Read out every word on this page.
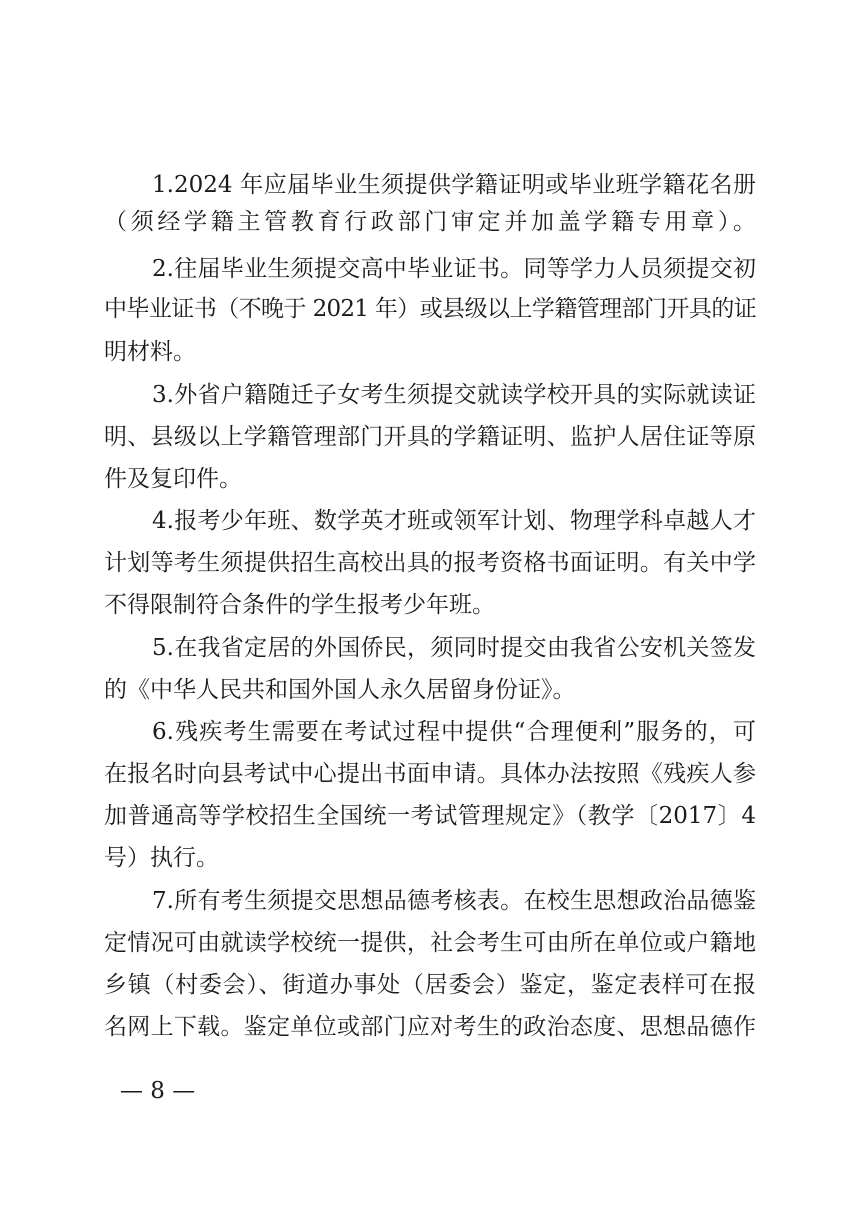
1.2024 年应届毕业生须提供学籍证明或毕业班学籍花名册
（须经学籍主管教育行政部门审定并加盖学籍专用章）。
2.往届毕业生须提交高中毕业证书。同等学力人员须提交初
中毕业证书（不晚于 2021 年）或县级以上学籍管理部门开具的证
明材料。
3.外省户籍随迁子女考生须提交就读学校开具的实际就读证
明、县级以上学籍管理部门开具的学籍证明、监护人居住证等原
件及复印件。
4.报考少年班、数学英才班或领军计划、物理学科卓越人才
计划等考生须提供招生高校出具的报考资格书面证明。有关中学
不得限制符合条件的学生报考少年班。
5.在我省定居的外国侨民，须同时提交由我省公安机关签发
的《中华人民共和国外国人永久居留身份证》。
6.残疾考生需要在考试过程中提供“合理便利”服务的，可
在报名时向县考试中心提出书面申请。具体办法按照《残疾人参
加普通高等学校招生全国统一考试管理规定》（教学〔2017〕4
号）执行。
7.所有考生须提交思想品德考核表。在校生思想政治品德鉴
定情况可由就读学校统一提供，社会考生可由所在单位或户籍地
乡镇（村委会）、街道办事处（居委会）鉴定，鉴定表样可在报
名网上下载。鉴定单位或部门应对考生的政治态度、思想品德作
— 8 —
